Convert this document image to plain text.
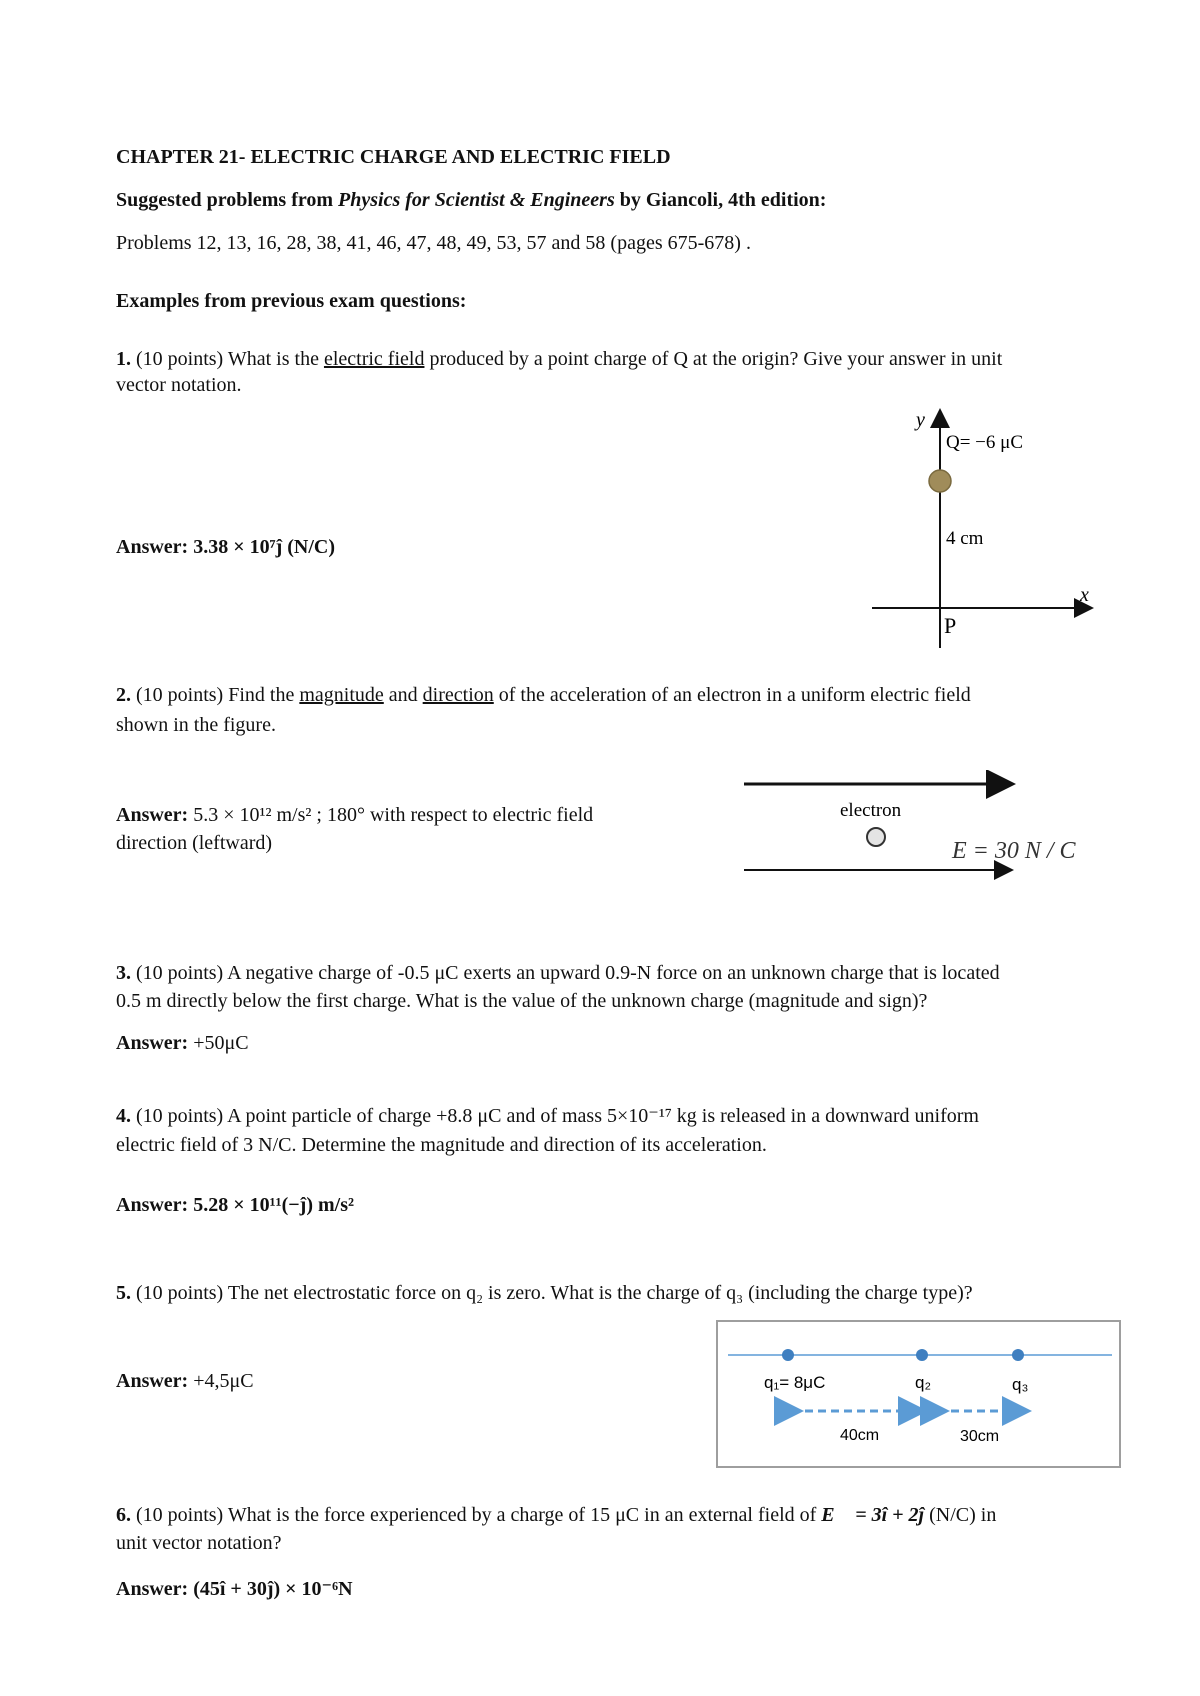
CHAPTER 21- ELECTRIC CHARGE AND ELECTRIC FIELD
Suggested problems from Physics for Scientist & Engineers by Giancoli, 4th edition:
Problems 12, 13, 16, 28, 38, 41, 46, 47, 48, 49, 53, 57 and 58 (pages 675-678) .
Examples from previous exam questions:
1. (10 points) What is the electric field produced by a point charge of Q at the origin? Give your answer in unit
vector notation.
Answer: 3.38 × 10⁷ĵ (N/C)
y
x
Q= −6 μC
4 cm
P
2. (10 points) Find the magnitude and direction of the acceleration of an electron in a uniform electric field
shown in the figure.
Answer: 5.3 × 10¹² m/s² ; 180° with respect to electric field
direction (leftward)
electron
E = 30 N / C
3. (10 points) A negative charge of -0.5 μC exerts an upward 0.9-N force on an unknown charge that is located
0.5 m directly below the first charge. What is the value of the unknown charge (magnitude and sign)?
Answer: +50μC
4. (10 points) A point particle of charge +8.8 μC and of mass 5×10⁻¹⁷ kg is released in a downward uniform
electric field of 3 N/C. Determine the magnitude and direction of its acceleration.
Answer: 5.28 × 10¹¹(−ĵ) m/s²
5. (10 points) The net electrostatic force on q₂ is zero. What is the charge of q₃ (including the charge type)?
Answer: +4,5μC	q₁= 8μC	q₂	q₃
40cm	30cm
6. (10 points) What is the force experienced by a charge of 15 μC in an external field of E⃗ = 3î + 2ĵ (N/C) in
unit vector notation?
Answer: (45î + 30ĵ) × 10⁻⁶N
